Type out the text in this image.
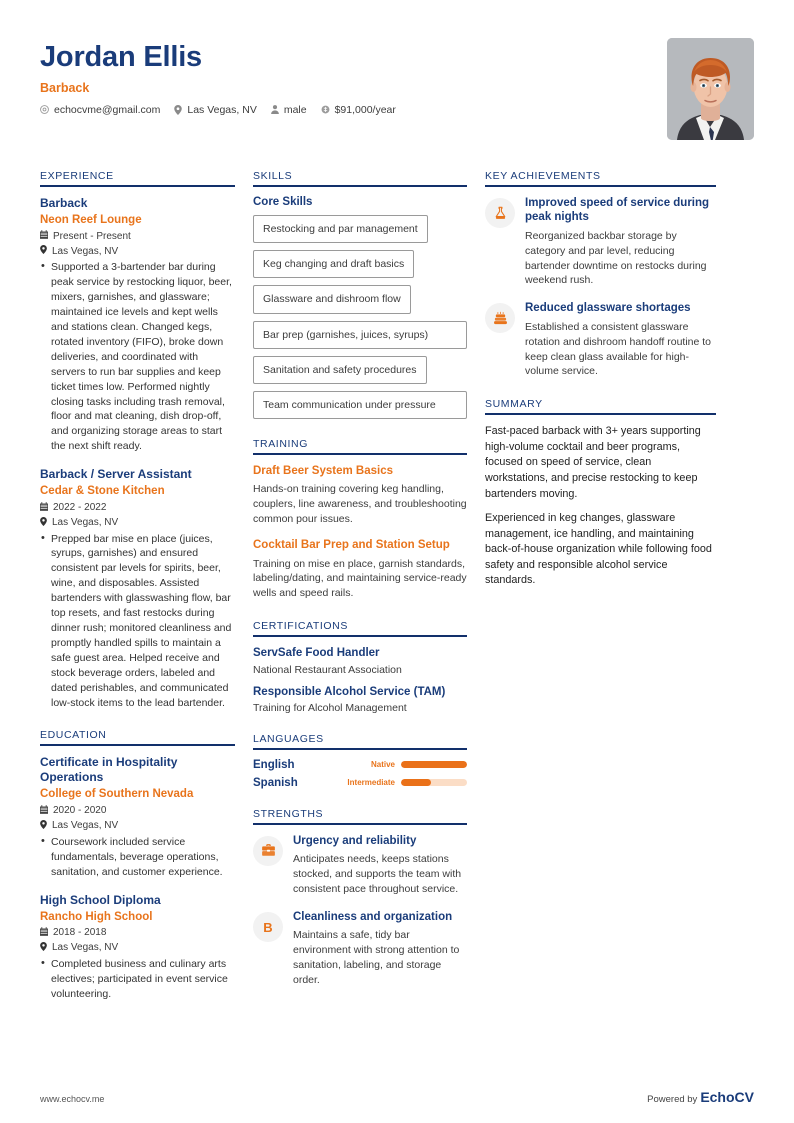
Jordan Ellis
Barback
echocvme@gmail.com	Las Vegas, NV	male	$91,000/year
EXPERIENCE
Barback
Neon Reef Lounge
Present - Present
Las Vegas, NV
• Supported a 3-bartender bar during peak service by restocking liquor, beer, mixers, garnishes, and glassware; maintained ice levels and kept wells and stations clean. Changed kegs, rotated inventory (FIFO), broke down deliveries, and coordinated with servers to run bar supplies and keep ticket times low. Performed nightly closing tasks including trash removal, floor and mat cleaning, dish drop-off, and organizing storage areas to start the next shift ready.
Barback / Server Assistant
Cedar & Stone Kitchen
2022 - 2022
Las Vegas, NV
• Prepped bar mise en place (juices, syrups, garnishes) and ensured consistent par levels for spirits, beer, wine, and disposables. Assisted bartenders with glasswashing flow, bar top resets, and fast restocks during dinner rush; monitored cleanliness and promptly handled spills to maintain a safe guest area. Helped receive and stock beverage orders, labeled and dated perishables, and communicated low-stock items to the lead bartender.
EDUCATION
Certificate in Hospitality Operations
College of Southern Nevada
2020 - 2020
Las Vegas, NV
• Coursework included service fundamentals, beverage operations, sanitation, and customer experience.
High School Diploma
Rancho High School
2018 - 2018
Las Vegas, NV
• Completed business and culinary arts electives; participated in event service volunteering.
SKILLS
Core Skills
Restocking and par management
Keg changing and draft basics
Glassware and dishroom flow
Bar prep (garnishes, juices, syrups)
Sanitation and safety procedures
Team communication under pressure
TRAINING
Draft Beer System Basics
Hands-on training covering keg handling, couplers, line awareness, and troubleshooting common pour issues.
Cocktail Bar Prep and Station Setup
Training on mise en place, garnish standards, labeling/dating, and maintaining service-ready wells and speed rails.
CERTIFICATIONS
ServSafe Food Handler
National Restaurant Association
Responsible Alcohol Service (TAM)
Training for Alcohol Management
LANGUAGES
English	Native
Spanish	Intermediate
STRENGTHS
Urgency and reliability
Anticipates needs, keeps stations stocked, and supports the team with consistent pace throughout service.
B
Cleanliness and organization
Maintains a safe, tidy bar environment with strong attention to sanitation, labeling, and storage order.
KEY ACHIEVEMENTS
Improved speed of service during peak nights
Reorganized backbar storage by category and par level, reducing bartender downtime on restocks during weekend rush.
Reduced glassware shortages
Established a consistent glassware rotation and dishroom handoff routine to keep clean glass available for high-volume service.
SUMMARY

Fast-paced barback with 3+ years supporting high-volume cocktail and beer programs, focused on speed of service, clean workstations, and precise restocking to keep bartenders moving.

Experienced in keg changes, glassware management, ice handling, and maintaining back-of-house organization while following food safety and responsible alcohol service standards.

www.echocv.me	Powered by EchoCV
